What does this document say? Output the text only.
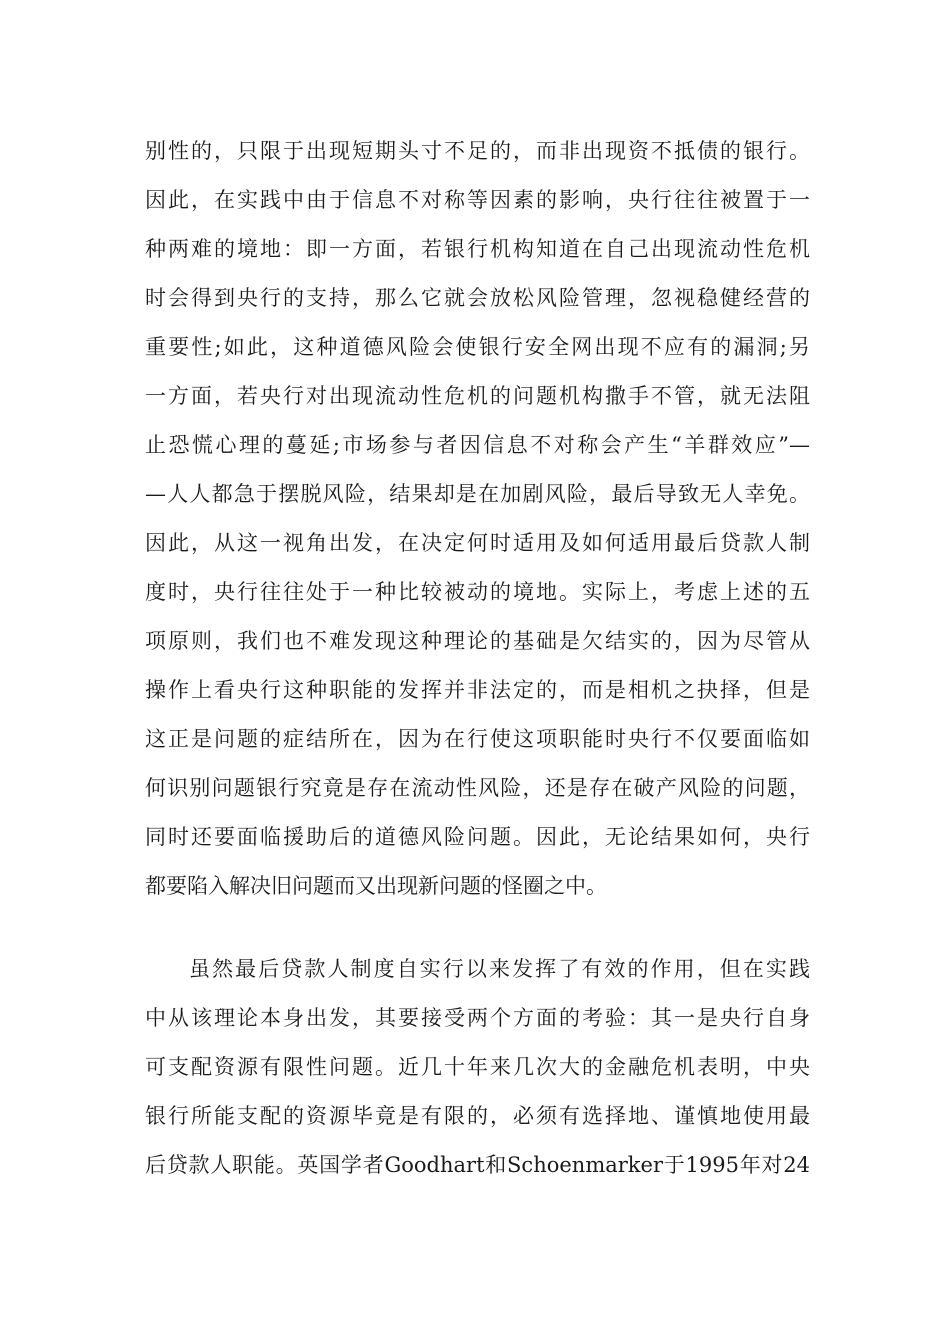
别性的，只限于出现短期头寸不足的，而非出现资不抵债的银行。
因此，在实践中由于信息不对称等因素的影响，央行往往被置于一
种两难的境地：即一方面，若银行机构知道在自己出现流动性危机
时会得到央行的支持，那么它就会放松风险管理，忽视稳健经营的
重要性;如此，这种道德风险会使银行安全网出现不应有的漏洞;另
一方面，若央行对出现流动性危机的问题机构撒手不管，就无法阻
止恐慌心理的蔓延;市场参与者因信息不对称会产生“羊群效应”—
—人人都急于摆脱风险，结果却是在加剧风险，最后导致无人幸免。
因此，从这一视角出发，在决定何时适用及如何适用最后贷款人制
度时，央行往往处于一种比较被动的境地。实际上，考虑上述的五
项原则，我们也不难发现这种理论的基础是欠结实的，因为尽管从
操作上看央行这种职能的发挥并非法定的，而是相机之抉择，但是
这正是问题的症结所在，因为在行使这项职能时央行不仅要面临如
何识别问题银行究竟是存在流动性风险，还是存在破产风险的问题，
同时还要面临援助后的道德风险问题。因此，无论结果如何，央行
都要陷入解决旧问题而又出现新问题的怪圈之中。
虽然最后贷款人制度自实行以来发挥了有效的作用，但在实践
中从该理论本身出发，其要接受两个方面的考验：其一是央行自身
可支配资源有限性问题。近几十年来几次大的金融危机表明，中央
银行所能支配的资源毕竟是有限的，必须有选择地、谨慎地使用最
后贷款人职能。英国学者Goodhart和Schoenmarker于1995年对24
